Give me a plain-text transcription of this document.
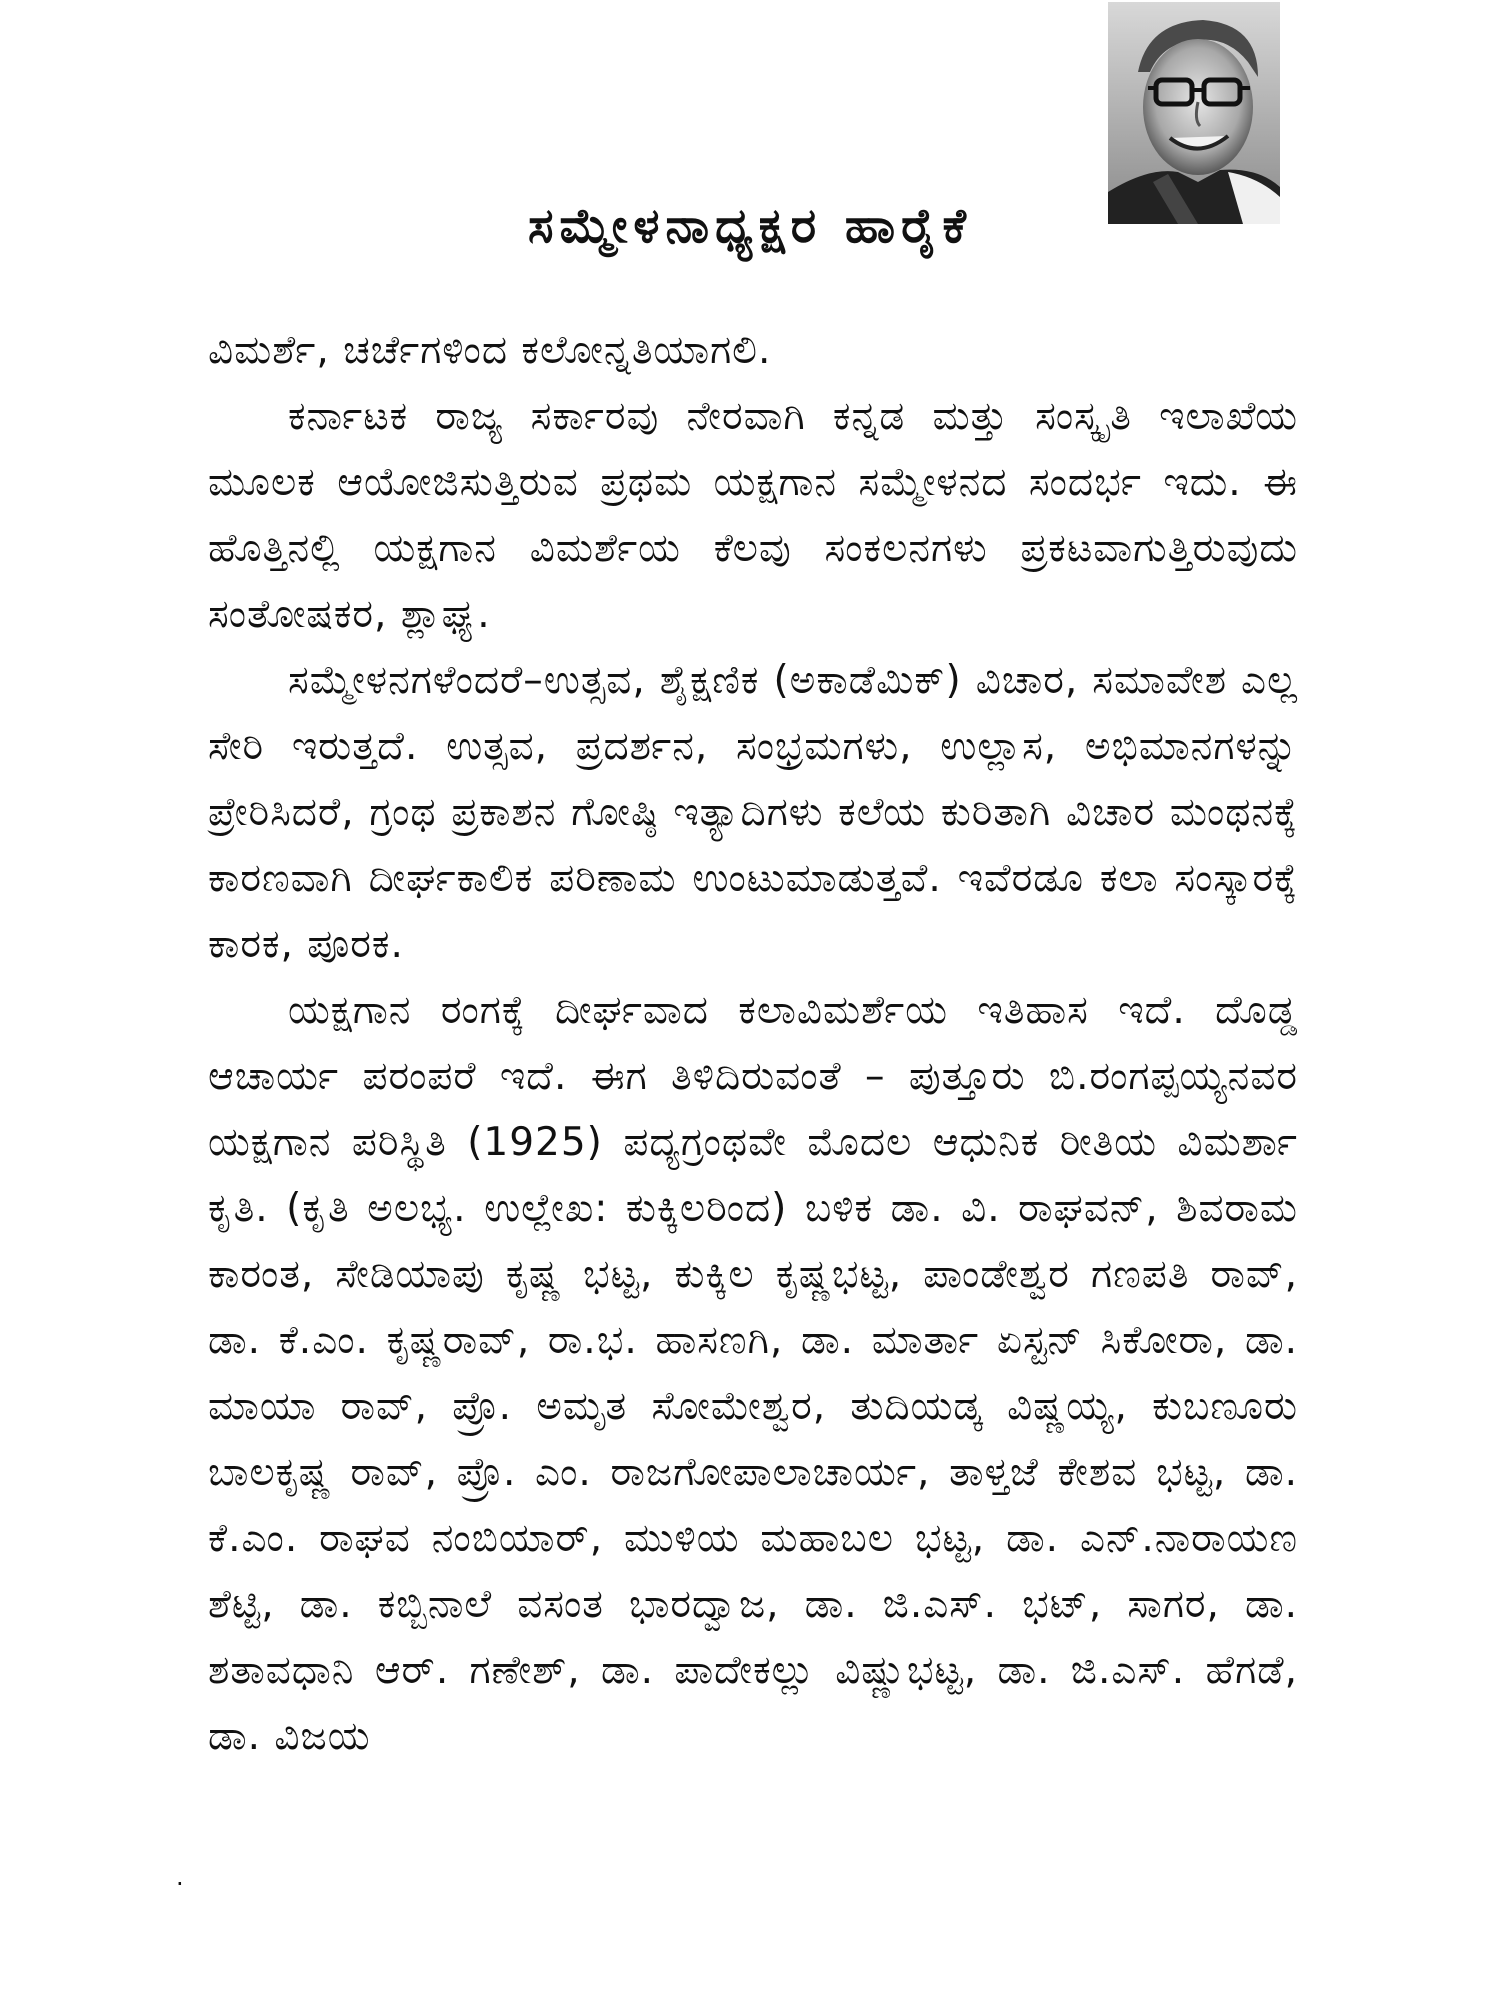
ಸಮ್ಮೇಳನಾಧ್ಯಕ್ಷರ ಹಾರೈಕೆ

ವಿಮರ್ಶೆ, ಚರ್ಚೆಗಳಿಂದ ಕಲೋನ್ನತಿಯಾಗಲಿ.

ಕರ್ನಾಟಕ ರಾಜ್ಯ ಸರ್ಕಾರವು ನೇರವಾಗಿ ಕನ್ನಡ ಮತ್ತು ಸಂಸ್ಕೃತಿ ಇಲಾಖೆಯ ಮೂಲಕ ಆಯೋಜಿಸುತ್ತಿರುವ ಪ್ರಥಮ ಯಕ್ಷಗಾನ ಸಮ್ಮೇಳನದ ಸಂದರ್ಭ ಇದು. ಈ ಹೊತ್ತಿನಲ್ಲಿ ಯಕ್ಷಗಾನ ವಿಮರ್ಶೆಯ ಕೆಲವು ಸಂಕಲನಗಳು ಪ್ರಕಟವಾಗುತ್ತಿರುವುದು ಸಂತೋಷಕರ, ಶ್ಲಾಘ್ಯ.

ಸಮ್ಮೇಳನಗಳೆಂದರೆ–ಉತ್ಸವ, ಶೈಕ್ಷಣಿಕ (ಅಕಾಡೆಮಿಕ್) ವಿಚಾರ, ಸಮಾವೇಶ ಎಲ್ಲ ಸೇರಿ ಇರುತ್ತದೆ. ಉತ್ಸವ, ಪ್ರದರ್ಶನ, ಸಂಭ್ರಮಗಳು, ಉಲ್ಲಾಸ, ಅಭಿಮಾನಗಳನ್ನು ಪ್ರೇರಿಸಿದರೆ, ಗ್ರಂಥ ಪ್ರಕಾಶನ ಗೋಷ್ಠಿ ಇತ್ಯಾದಿಗಳು ಕಲೆಯ ಕುರಿತಾಗಿ ವಿಚಾರ ಮಂಥನಕ್ಕೆ ಕಾರಣವಾಗಿ ದೀರ್ಘಕಾಲಿಕ ಪರಿಣಾಮ ಉಂಟುಮಾಡುತ್ತವೆ. ಇವೆರಡೂ ಕಲಾ ಸಂಸ್ಕಾರಕ್ಕೆ ಕಾರಕ, ಪೂರಕ.

ಯಕ್ಷಗಾನ ರಂಗಕ್ಕೆ ದೀರ್ಘವಾದ ಕಲಾವಿಮರ್ಶೆಯ ಇತಿಹಾಸ ಇದೆ. ದೊಡ್ಡ ಆಚಾರ್ಯ ಪರಂಪರೆ ಇದೆ. ಈಗ ತಿಳಿದಿರುವಂತೆ – ಪುತ್ತೂರು ಬಿ.ರಂಗಪ್ಪಯ್ಯನವರ ಯಕ್ಷಗಾನ ಪರಿಸ್ಥಿತಿ (1925) ಪದ್ಯಗ್ರಂಥವೇ ಮೊದಲ ಆಧುನಿಕ ರೀತಿಯ ವಿಮರ್ಶಾ ಕೃತಿ. (ಕೃತಿ ಅಲಭ್ಯ. ಉಲ್ಲೇಖ: ಕುಕ್ಕಿಲರಿಂದ) ಬಳಿಕ ಡಾ. ವಿ. ರಾಘವನ್, ಶಿವರಾಮ ಕಾರಂತ, ಸೇಡಿಯಾಪು ಕೃಷ್ಣ ಭಟ್ಟ, ಕುಕ್ಕಿಲ ಕೃಷ್ಣಭಟ್ಟ, ಪಾಂಡೇಶ್ವರ ಗಣಪತಿ ರಾವ್, ಡಾ. ಕೆ.ಎಂ. ಕೃಷ್ಣರಾವ್, ರಾ.ಭ. ಹಾಸಣಗಿ, ಡಾ. ಮಾರ್ತಾ ಏಸ್ಟನ್ ಸಿಕೋರಾ, ಡಾ. ಮಾಯಾ ರಾವ್, ಪ್ರೊ. ಅಮೃತ ಸೋಮೇಶ್ವರ, ತುದಿಯಡ್ಕ ವಿಷ್ಣಯ್ಯ, ಕುಬಣೂರು ಬಾಲಕೃಷ್ಣ ರಾವ್, ಪ್ರೊ. ಎಂ. ರಾಜಗೋಪಾಲಾಚಾರ್ಯ, ತಾಳ್ತಜೆ ಕೇಶವ ಭಟ್ಟ, ಡಾ. ಕೆ.ಎಂ. ರಾಘವ ನಂಬಿಯಾರ್, ಮುಳಿಯ ಮಹಾಬಲ ಭಟ್ಟ, ಡಾ. ಎನ್.ನಾರಾಯಣ ಶೆಟ್ಟಿ, ಡಾ. ಕಬ್ಬಿನಾಲೆ ವಸಂತ ಭಾರದ್ವಾಜ, ಡಾ. ಜಿ.ಎಸ್. ಭಟ್, ಸಾಗರ, ಡಾ. ಶತಾವಧಾನಿ ಆರ್. ಗಣೇಶ್, ಡಾ. ಪಾದೇಕಲ್ಲು ವಿಷ್ಣುಭಟ್ಟ, ಡಾ. ಜಿ.ಎಸ್. ಹೆಗಡೆ, ಡಾ. ವಿಜಯ

.
